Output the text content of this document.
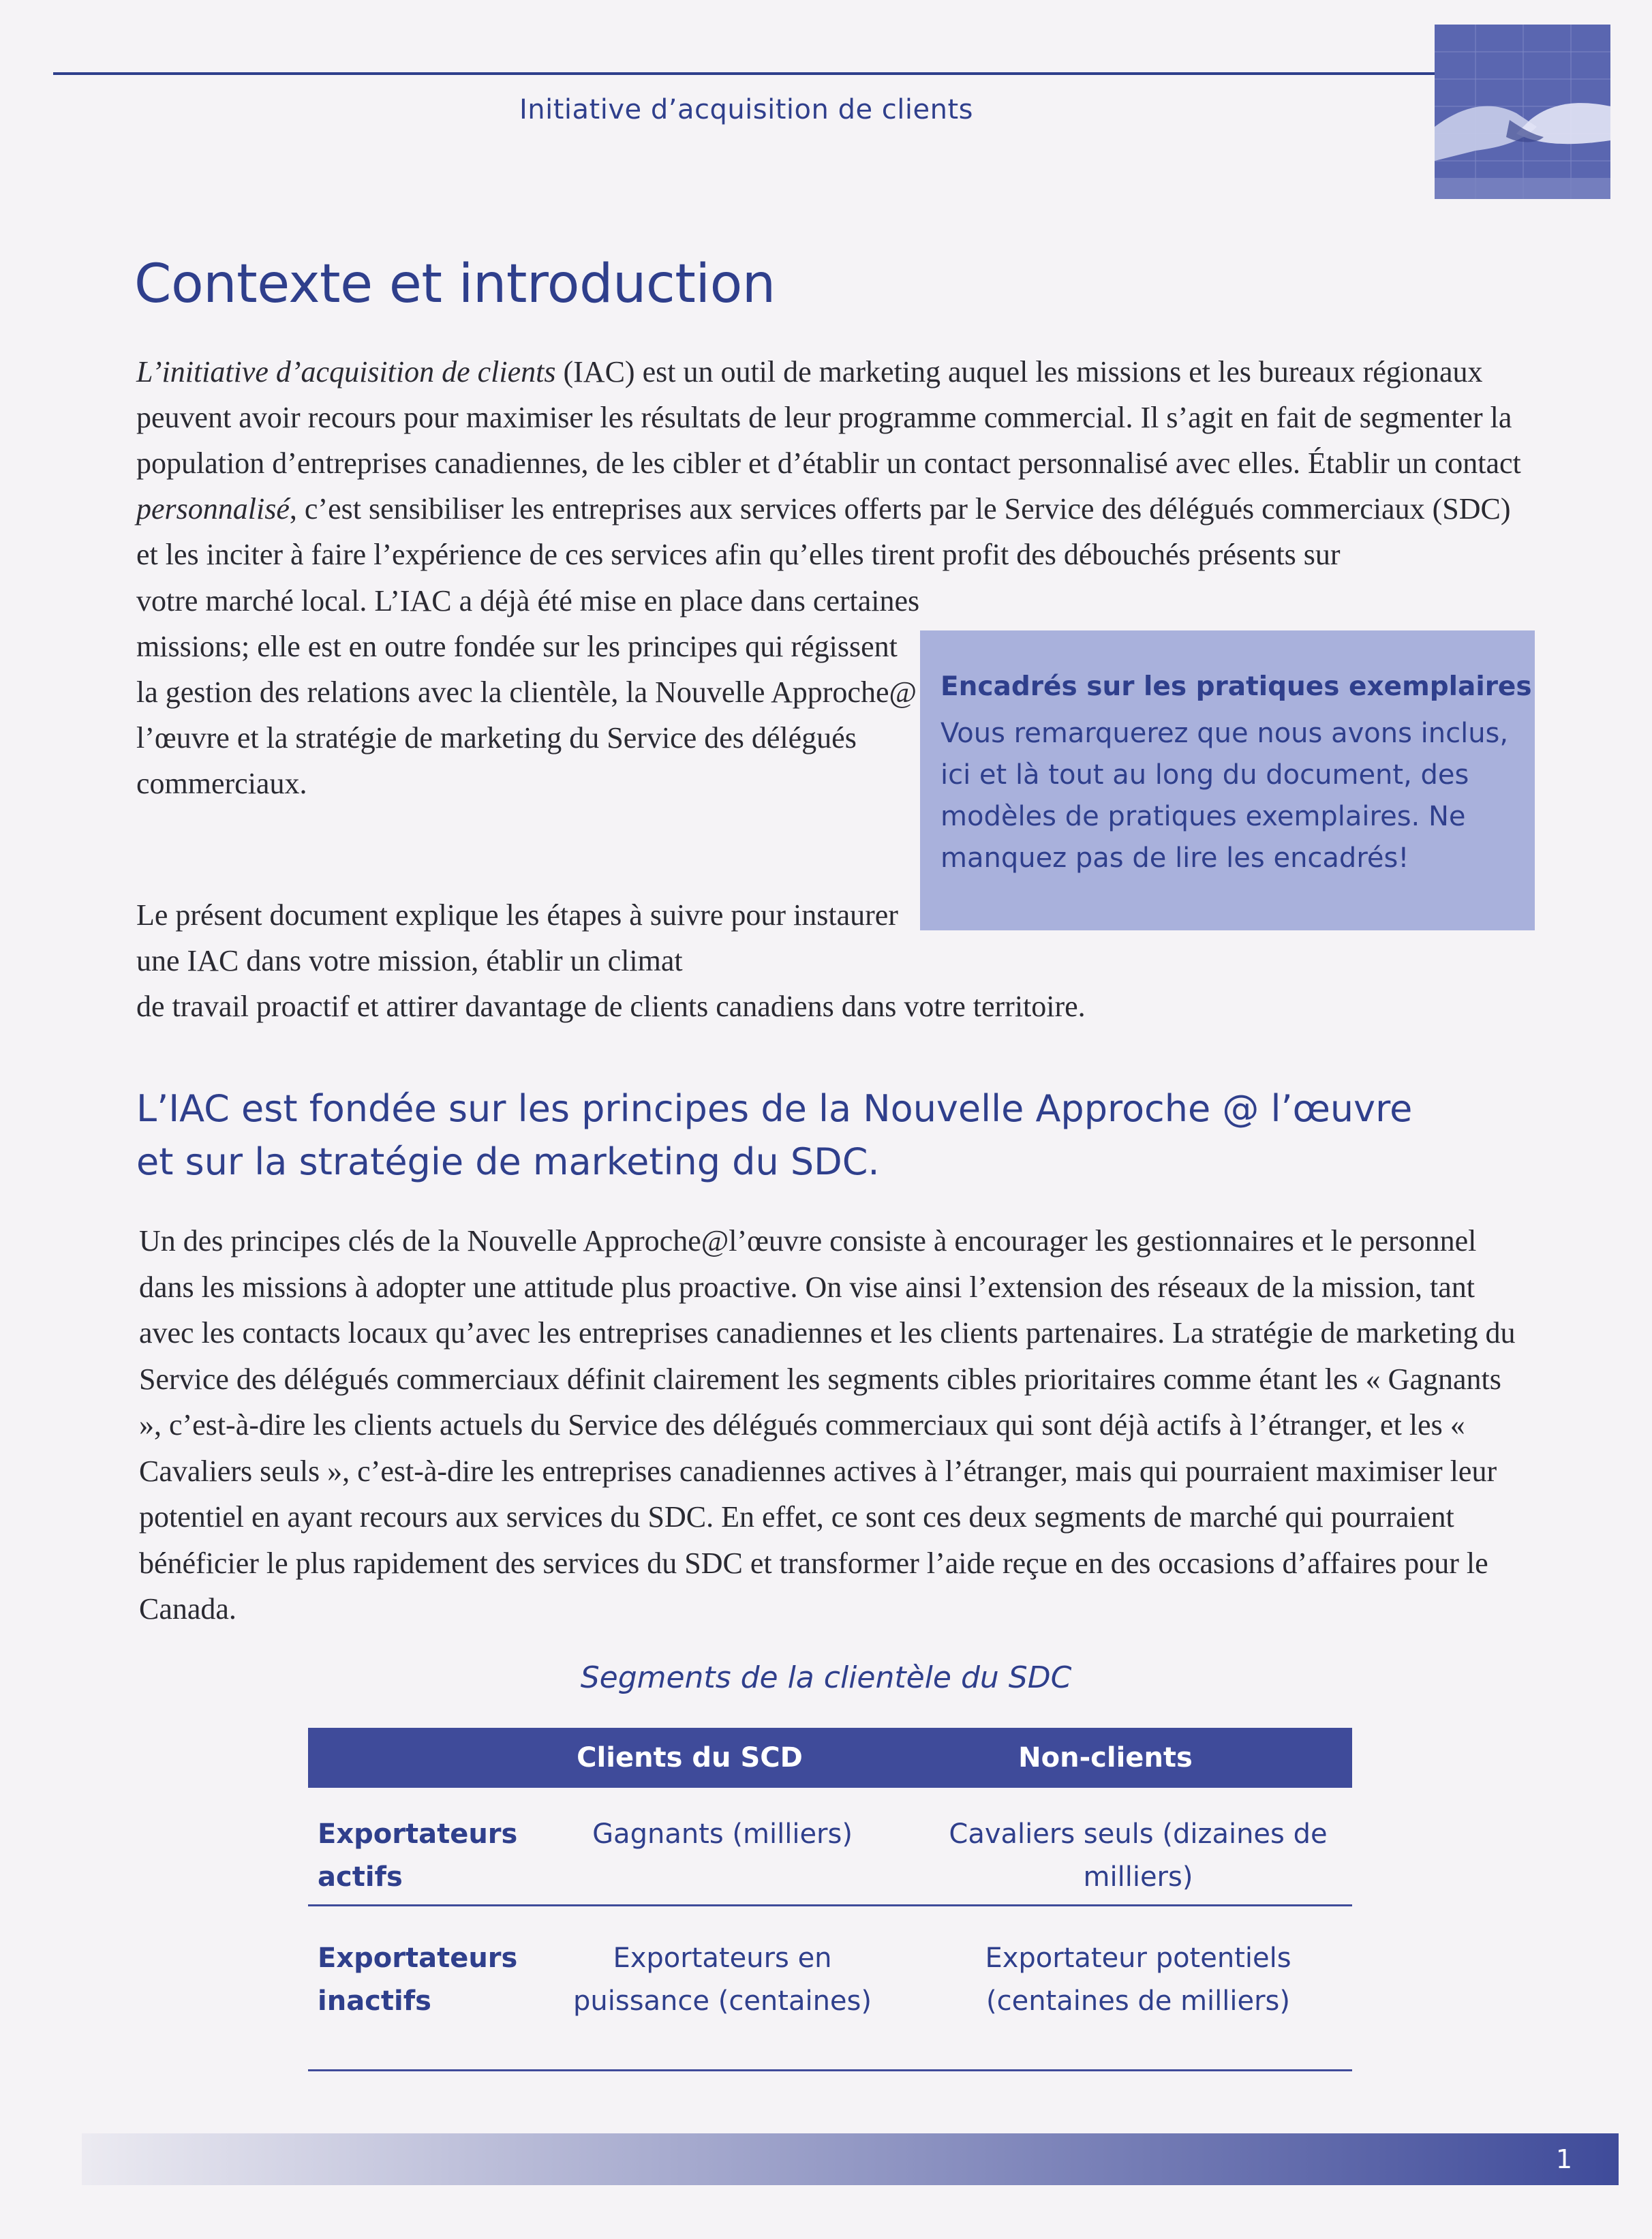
Initiative d’acquisition de clients
Contexte et introduction

L’initiative d’acquisition de clients (IAC) est un outil de marketing auquel les missions et les bureaux régionaux peuvent avoir recours pour maximiser les résultats de leur programme commercial. Il s’agit en fait de segmenter la population d’entreprises canadiennes, de les cibler et d’établir un contact personnalisé avec elles. Établir un contact personnalisé, c’est sensibiliser les entreprises aux services offerts par le Service des délégués commerciaux (SDC) et les inciter à faire l’expérience de ces services afin qu’elles tirent profit des débouchés présents sur

votre marché local. L’IAC a déjà été mise en place dans certaines missions; elle est en outre fondée sur les principes qui régissent la gestion des relations avec la clientèle, la Nouvelle Approche@ l’œuvre et la stratégie de marketing du Service des délégués commerciaux.

Encadrés sur les pratiques exemplaires

Vous remarquerez que nous avons inclus, ici et là tout au long du document, des modèles de pratiques exemplaires. Ne manquez pas de lire les encadrés!

Le présent document explique les étapes à suivre pour instaurer une IAC dans votre mission, établir un climat

de travail proactif et attirer davantage de clients canadiens dans votre territoire.

L’IAC est fondée sur les principes de la Nouvelle Approche @ l’œuvre et sur la stratégie de marketing du SDC.

Un des principes clés de la Nouvelle Approche@l’œuvre consiste à encourager les gestionnaires et le personnel dans les missions à adopter une attitude plus proactive. On vise ainsi l’extension des réseaux de la mission, tant avec les contacts locaux qu’avec les entreprises canadiennes et les clients partenaires. La stratégie de marketing du Service des délégués commerciaux définit clairement les segments cibles prioritaires comme étant les « Gagnants », c’est-à-dire les clients actuels du Service des délégués commerciaux qui sont déjà actifs à l’étranger, et les « Cavaliers seuls », c’est-à-dire les entreprises canadiennes actives à l’étranger, mais qui pourraient maximiser leur potentiel en ayant recours aux services du SDC. En effet, ce sont ces deux segments de marché qui pourraient bénéficier le plus rapidement des services du SDC et transformer l’aide reçue en des occasions d’affaires pour le Canada.

Segments de la clientèle du SDC
Clients du SCD	Non-clients
Exportateurs actifs
Gagnants (milliers)	Cavaliers seuls (dizaines de milliers)
Exportateurs inactifs
Exportateurs en puissance (centaines)
Exportateur potentiels (centaines de milliers)
1
